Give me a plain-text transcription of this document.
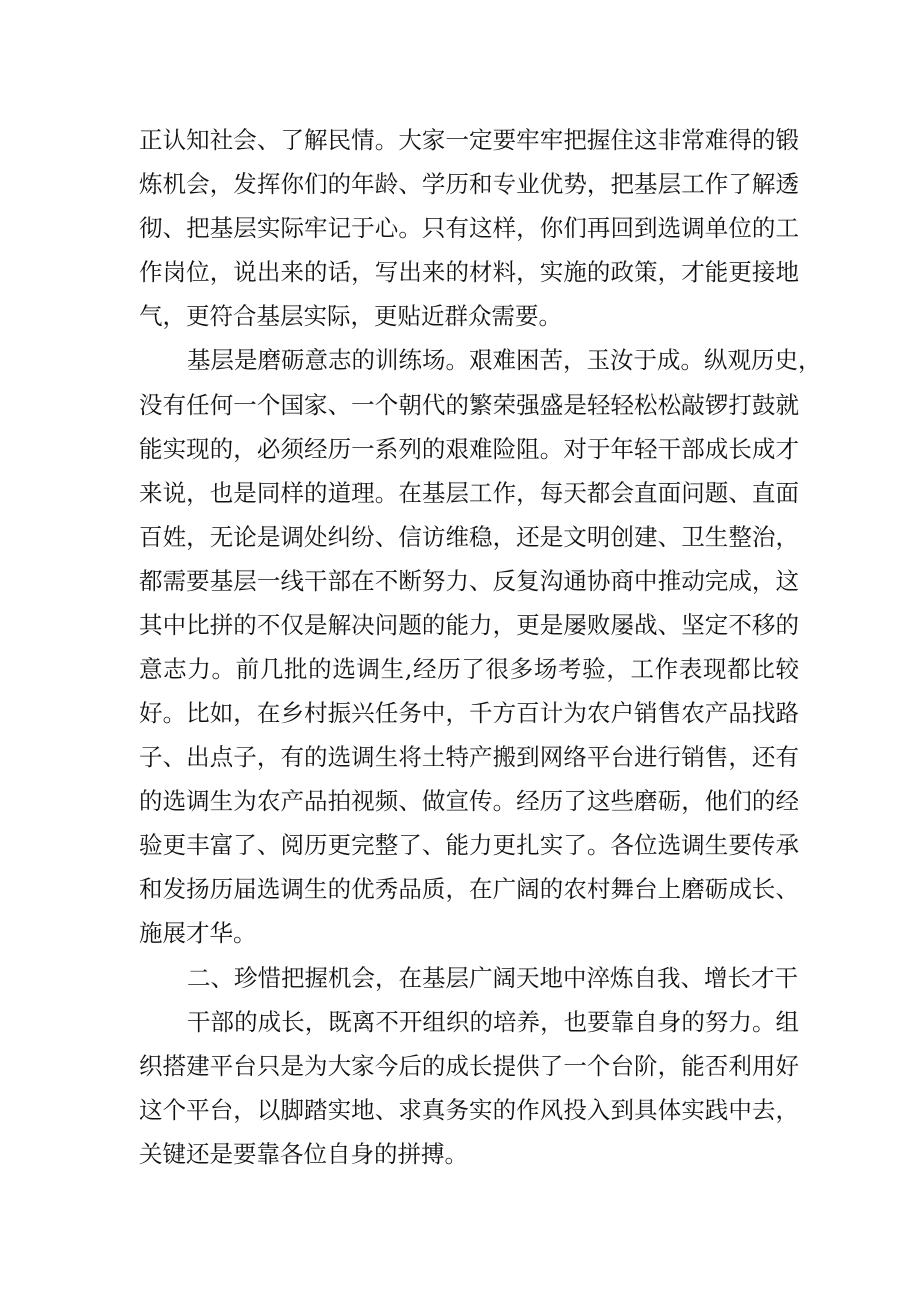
正认知社会、了解民情。大家一定要牢牢把握住这非常难得的锻
炼机会，发挥你们的年龄、学历和专业优势，把基层工作了解透
彻、把基层实际牢记于心。只有这样，你们再回到选调单位的工
作岗位，说出来的话，写出来的材料，实施的政策，才能更接地
气，更符合基层实际，更贴近群众需要。
基层是磨砺意志的训练场。艰难困苦，玉汝于成。纵观历史，
没有任何一个国家、一个朝代的繁荣强盛是轻轻松松敲锣打鼓就
能实现的，必须经历一系列的艰难险阻。对于年轻干部成长成才
来说，也是同样的道理。在基层工作，每天都会直面问题、直面
百姓，无论是调处纠纷、信访维稳，还是文明创建、卫生整治，
都需要基层一线干部在不断努力、反复沟通协商中推动完成，这
其中比拼的不仅是解决问题的能力，更是屡败屡战、坚定不移的
意志力。前几批的选调生,经历了很多场考验，工作表现都比较
好。比如，在乡村振兴任务中，千方百计为农户销售农产品找路
子、出点子，有的选调生将土特产搬到网络平台进行销售，还有
的选调生为农产品拍视频、做宣传。经历了这些磨砺，他们的经
验更丰富了、阅历更完整了、能力更扎实了。各位选调生要传承
和发扬历届选调生的优秀品质，在广阔的农村舞台上磨砺成长、
施展才华。
二、珍惜把握机会，在基层广阔天地中淬炼自我、增长才干
干部的成长，既离不开组织的培养，也要靠自身的努力。组
织搭建平台只是为大家今后的成长提供了一个台阶，能否利用好
这个平台，以脚踏实地、求真务实的作风投入到具体实践中去，
关键还是要靠各位自身的拼搏。
